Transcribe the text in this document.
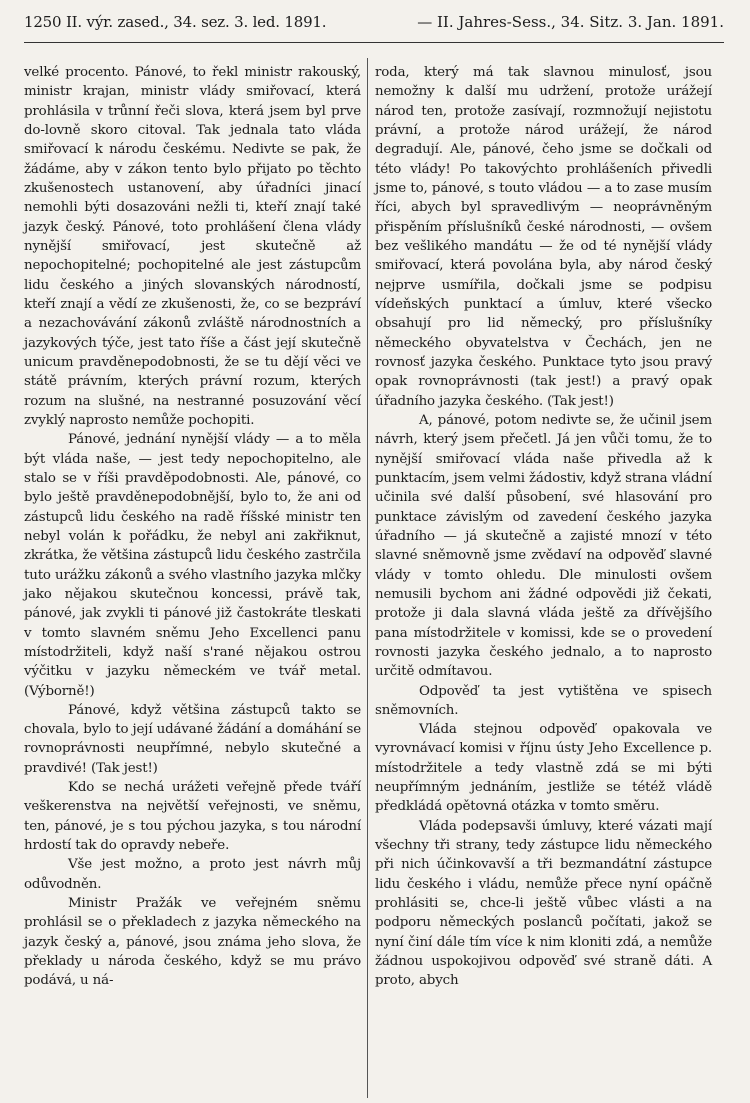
1250 II. výr. zased., 34. sez. 3. led. 1891.	— II. Jahres-Sess., 34. Sitz. 3. Jan. 1891.

velké procento. Pánové, to řekl ministr rakouský, ministr krajan, ministr vlády smiřovací, která prohlásila v trůnní řeči slova, která jsem byl prve do-lovně skoro citoval. Tak jednala tato vláda smiřovací k národu českému. Nedivte se pak, že žádáme, aby v zákon tento bylo přijato po těchto zkušenostech ustanovení, aby úřadníci jinací nemohli býti dosazováni nežli ti, kteří znají také jazyk český. Pánové, toto prohlášení člena vlády nynější smiřovací, jest skutečně až nepochopitelné; pochopitelné ale jest zástupcům lidu českého a jiných slovanských národností, kteří znají a vědí ze zkušenosti, že, co se bezpráví a nezachovávání zákonů zvláště národnostních a jazykových týče, jest tato říše a část její skutečně unicum pravděnepodobnosti, že se tu dějí věci ve státě právním, kterých právní rozum, kterých rozum na slušné, na nestranné posuzování věcí zvyklý naprosto nemůže pochopiti.

Pánové, jednání nynější vlády — a to měla být vláda naše, — jest tedy nepochopitelno, ale stalo se v říši pravděpodobnosti. Ale, pánové, co bylo ještě pravděnepodobnější, bylo to, že ani od zástupců lidu českého na radě říšské ministr ten nebyl volán k pořádku, že nebyl ani zakřiknut, zkrátka, že většina zástupců lidu českého zastrčila tuto urážku zákonů a svého vlastního jazyka mlčky jako nějakou skutečnou koncessi, právě tak, pánové, jak zvykli ti pánové již častokráte tleskati v tomto slavném sněmu Jeho Excellenci panu místodržiteli, když naší s'rané nějakou ostrou výčitku v jazyku německém ve tvář metal. (Výborně!)

Pánové, když většina zástupců takto se chovala, bylo to její udávané žádání a domáhání se rovnoprávnosti neupřímné, nebylo skutečné a pravdivé! (Tak jest!)

Kdo se nechá urážeti veřejně přede tváří veškerenstva na největší veřejnosti, ve sněmu, ten, pánové, je s tou pýchou jazyka, s tou národní hrdostí tak do opravdy nebeře.

Vše jest možno, a proto jest návrh můj odůvodněn.

Ministr Pražák ve veřejném sněmu prohlásil se o překladech z jazyka německého na jazyk český a, pánové, jsou známa jeho slova, že překlady u národa českého, když se mu právo podává, u ná-

roda, který má tak slavnou minulosť, jsou nemožny k další mu udržení, protože urážejí národ ten, protože zasívají, rozmnožují nejistotu právní, a protože národ urážejí, že národ degradují. Ale, pánové, čeho jsme se dočkali od této vlády! Po takovýchto prohlášeních přivedli jsme to, pánové, s touto vládou — a to zase musím říci, abych byl spravedlivým — neoprávněným přispěním příslušníků české národnosti, — ovšem bez vešlikého mandátu — že od té nynější vlády smiřovací, která povolána byla, aby národ český nejprve usmířila, dočkali jsme se podpisu vídeňských punktací a úmluv, které všecko obsahují pro lid německý, pro příslušníky německého obyvatelstva v Čechách, jen ne rovnosť jazyka českého. Punktace tyto jsou pravý opak rovnoprávnosti (tak jest!) a pravý opak úřadního jazyka českého. (Tak jest!)

A, pánové, potom nedivte se, že učinil jsem návrh, který jsem přečetl. Já jen vůči tomu, že to nynější smiřovací vláda naše přivedla až k punktacím, jsem velmi žádostiv, když strana vládní učinila své další působení, své hlasování pro punktace závislým od zavedení českého jazyka úřadního — já skutečně a zajisté mnozí v této slavné sněmovně jsme zvědaví na odpověď slavné vlády v tomto ohledu. Dle minulosti ovšem nemusili bychom ani žádné odpovědi již čekati, protože ji dala slavná vláda ještě za dřívějšího pana místodržitele v komissi, kde se o provedení rovnosti jazyka českého jednalo, a to naprosto určitě odmítavou.

Odpověď ta jest vytištěna ve spisech sněmovních.

Vláda stejnou odpověď opakovala ve vyrovnávací komisi v říjnu ústy Jeho Excellence p. místodržitele a tedy vlastně zdá se mi býti neupřímným jednáním, jestliže se tétéž vládě předkládá opětovná otázka v tomto směru.

Vláda podepsavši úmluvy, které vázati mají všechny tři strany, tedy zástupce lidu německého při nich účinkovavší a tři bezmandátní zástupce lidu českého i vládu, nemůže přece nyní opáčně prohlásiti se, chce-li ještě vůbec vlásti a na podporu německých poslanců počítati, jakož se nyní činí dále tím více k nim kloniti zdá, a nemůže žádnou uspokojivou odpověď své straně dáti. A proto, abych
